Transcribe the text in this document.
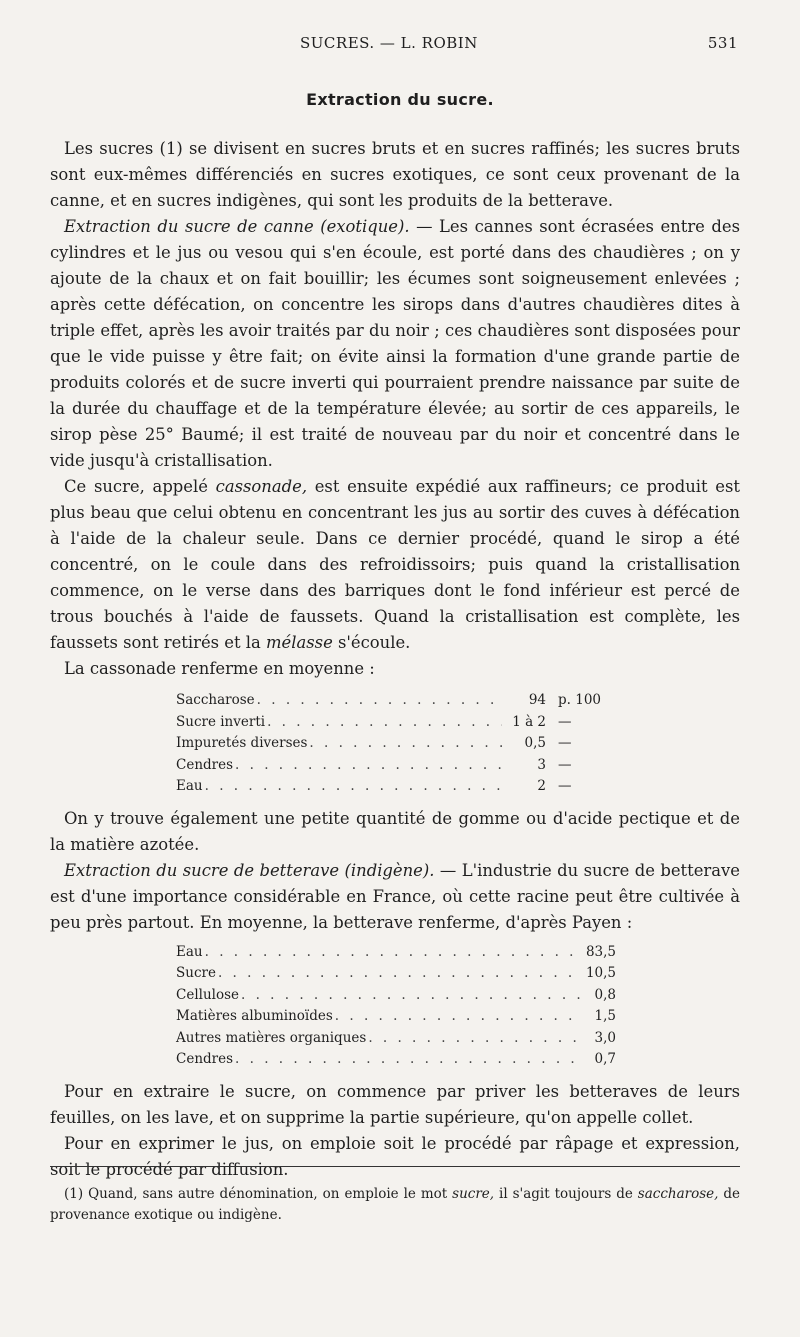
SUCRES. — L. ROBIN	531
Extraction du sucre.

Les sucres (1) se divisent en sucres bruts et en sucres raffinés; les sucres bruts sont eux-mêmes différenciés en sucres exotiques, ce sont ceux provenant de la canne, et en sucres indigènes, qui sont les produits de la betterave.

Extraction du sucre de canne (exotique). — Les cannes sont écrasées entre des cylindres et le jus ou vesou qui s'en écoule, est porté dans des chaudières ; on y ajoute de la chaux et on fait bouillir; les écumes sont soigneusement enlevées ; après cette défécation, on concentre les sirops dans d'autres chaudières dites à triple effet, après les avoir traités par du noir ; ces chaudières sont disposées pour que le vide puisse y être fait; on évite ainsi la formation d'une grande partie de produits colorés et de sucre inverti qui pourraient prendre naissance par suite de la durée du chauffage et de la température élevée; au sortir de ces appareils, le sirop pèse 25° Baumé; il est traité de nouveau par du noir et concentré dans le vide jusqu'à cristallisation.

Ce sucre, appelé cassonade, est ensuite expédié aux raffineurs; ce produit est plus beau que celui obtenu en concentrant les jus au sortir des cuves à défécation à l'aide de la chaleur seule. Dans ce dernier procédé, quand le sirop a été concentré, on le coule dans des refroidissoirs; puis quand la cristallisation commence, on le verse dans des barriques dont le fond inférieur est percé de trous bouchés à l'aide de faussets. Quand la cristallisation est complète, les faussets sont retirés et la mélasse s'écoule.

La cassonade renferme en moyenne :

Saccharose . . .	94 p. 100
Sucre inverti . . .	1 à 2 —
Impuretés diverses . . .	0,5 —
Cendres . . .	3 —
Eau . . .	2 —

On y trouve également une petite quantité de gomme ou d'acide pectique et de la matière azotée.

Extraction du sucre de betterave (indigène). — L'industrie du sucre de betterave est d'une importance considérable en France, où cette racine peut être cultivée à peu près partout. En moyenne, la betterave renferme, d'après Payen :

Eau . . .	83,5
Sucre . . .	10,5
Cellulose . . .	0,8
Matières albuminoïdes . . .	1,5
Autres matières organiques . . .	3,0
Cendres . . .	0,7

Pour en extraire le sucre, on commence par priver les betteraves de leurs feuilles, on les lave, et on supprime la partie supérieure, qu'on appelle collet.

Pour en exprimer le jus, on emploie soit le procédé par râpage et expression, soit le procédé par diffusion.

(1) Quand, sans autre dénomination, on emploie le mot sucre, il s'agit toujours de saccharose, de provenance exotique ou indigène.
